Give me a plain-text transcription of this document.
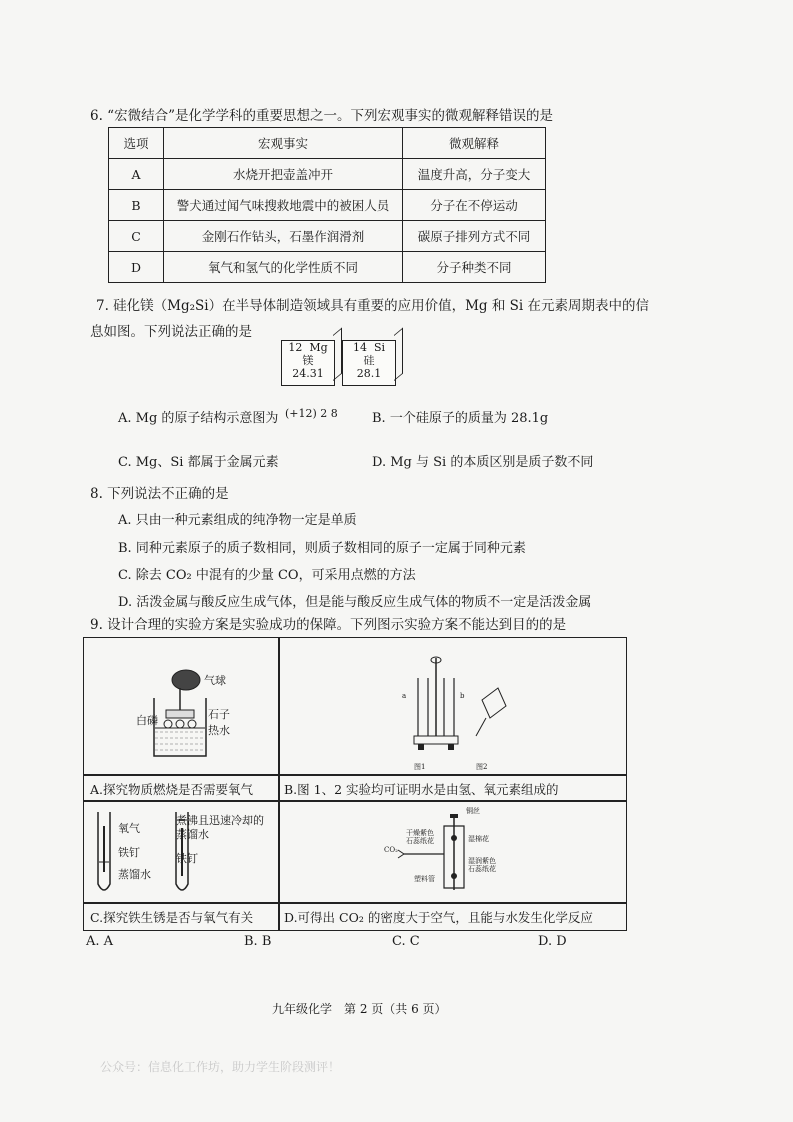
6. “宏微结合”是化学学科的重要思想之一。下列宏观事实的微观解释错误的是
选项	宏观事实	微观解释
A	水烧开把壶盖冲开	温度升高，分子变大
B	警犬通过闻气味搜救地震中的被困人员	分子在不停运动
C	金刚石作钻头，石墨作润滑剂	碳原子排列方式不同
D	氧气和氢气的化学性质不同	分子种类不同
7. 硅化镁（Mg₂Si）在半导体制造领域具有重要的应用价值，Mg 和 Si 在元素周期表中的信
息如图。下列说法正确的是
12 Mg
镁
24.31
14 Si
硅
28.1
A. Mg 的原子结构示意图为 (+12) 2 8	B. 一个硅原子的质量为 28.1g
C. Mg、Si 都属于金属元素	D. Mg 与 Si 的本质区别是质子数不同
8. 下列说法不正确的是
A. 只由一种元素组成的纯净物一定是单质
B. 同种元素原子的质子数相同，则质子数相同的原子一定属于同种元素
C. 除去 CO₂ 中混有的少量 CO，可采用点燃的方法
D. 活泼金属与酸反应生成气体，但是能与酸反应生成气体的物质不一定是活泼金属
9. 设计合理的实验方案是实验成功的保障。下列图示实验方案不能达到目的的是
气球
白磷	石子
热水
a	b
图1	图2
A.探究物质燃烧是否需要氧气 B.图 1、2 实验均可证明水是由氢、氧元素组成的
氧气
铁钉
蒸馏水
煮沸且迅速冷却的
蒸馏水
铁钉
铜丝
干燥紫色
石蕊纸花	湿棉花
湿润紫色
石蕊纸花
CO₂
塑料管
C.探究铁生锈是否与氧气有关 D.可得出 CO₂ 的密度大于空气，且能与水发生化学反应
A. A	B. B	C. C	D. D
九年级化学　第 2 页（共 6 页）
公众号：信息化工作坊，助力学生阶段测评！
